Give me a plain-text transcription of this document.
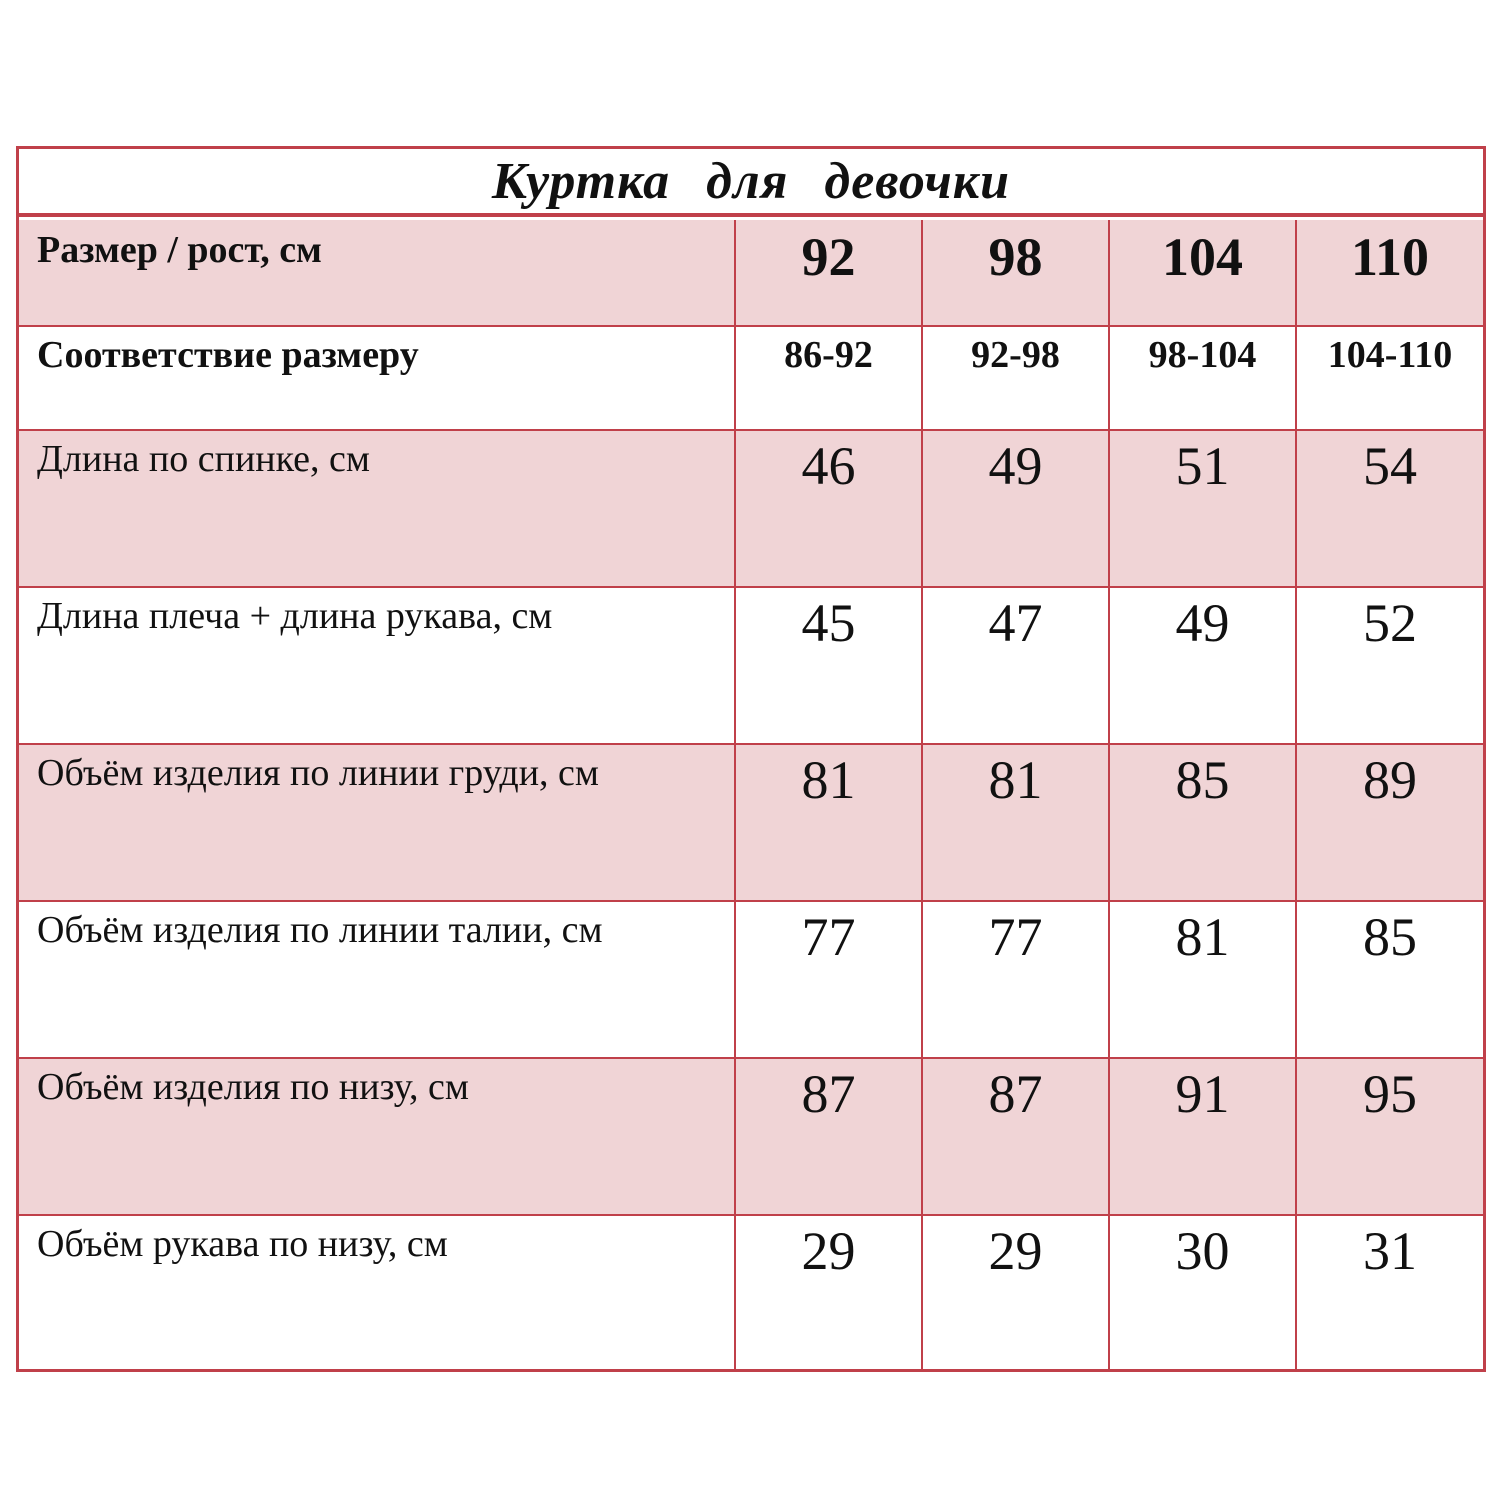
Куртка для девочки
Размер / рост, см	92	98	104	110
Соответствие размеру	86-92	92-98	98-104	104-110
Длина по спинке, см	46	49	51	54
Длина плеча + длина рукава, см	45	47	49	52
Объём изделия по линии груди, см	81	81	85	89
Объём изделия по линии талии, см	77	77	81	85
Объём изделия по низу, см	87	87	91	95
Объём рукава по низу, см	29	29	30	31
